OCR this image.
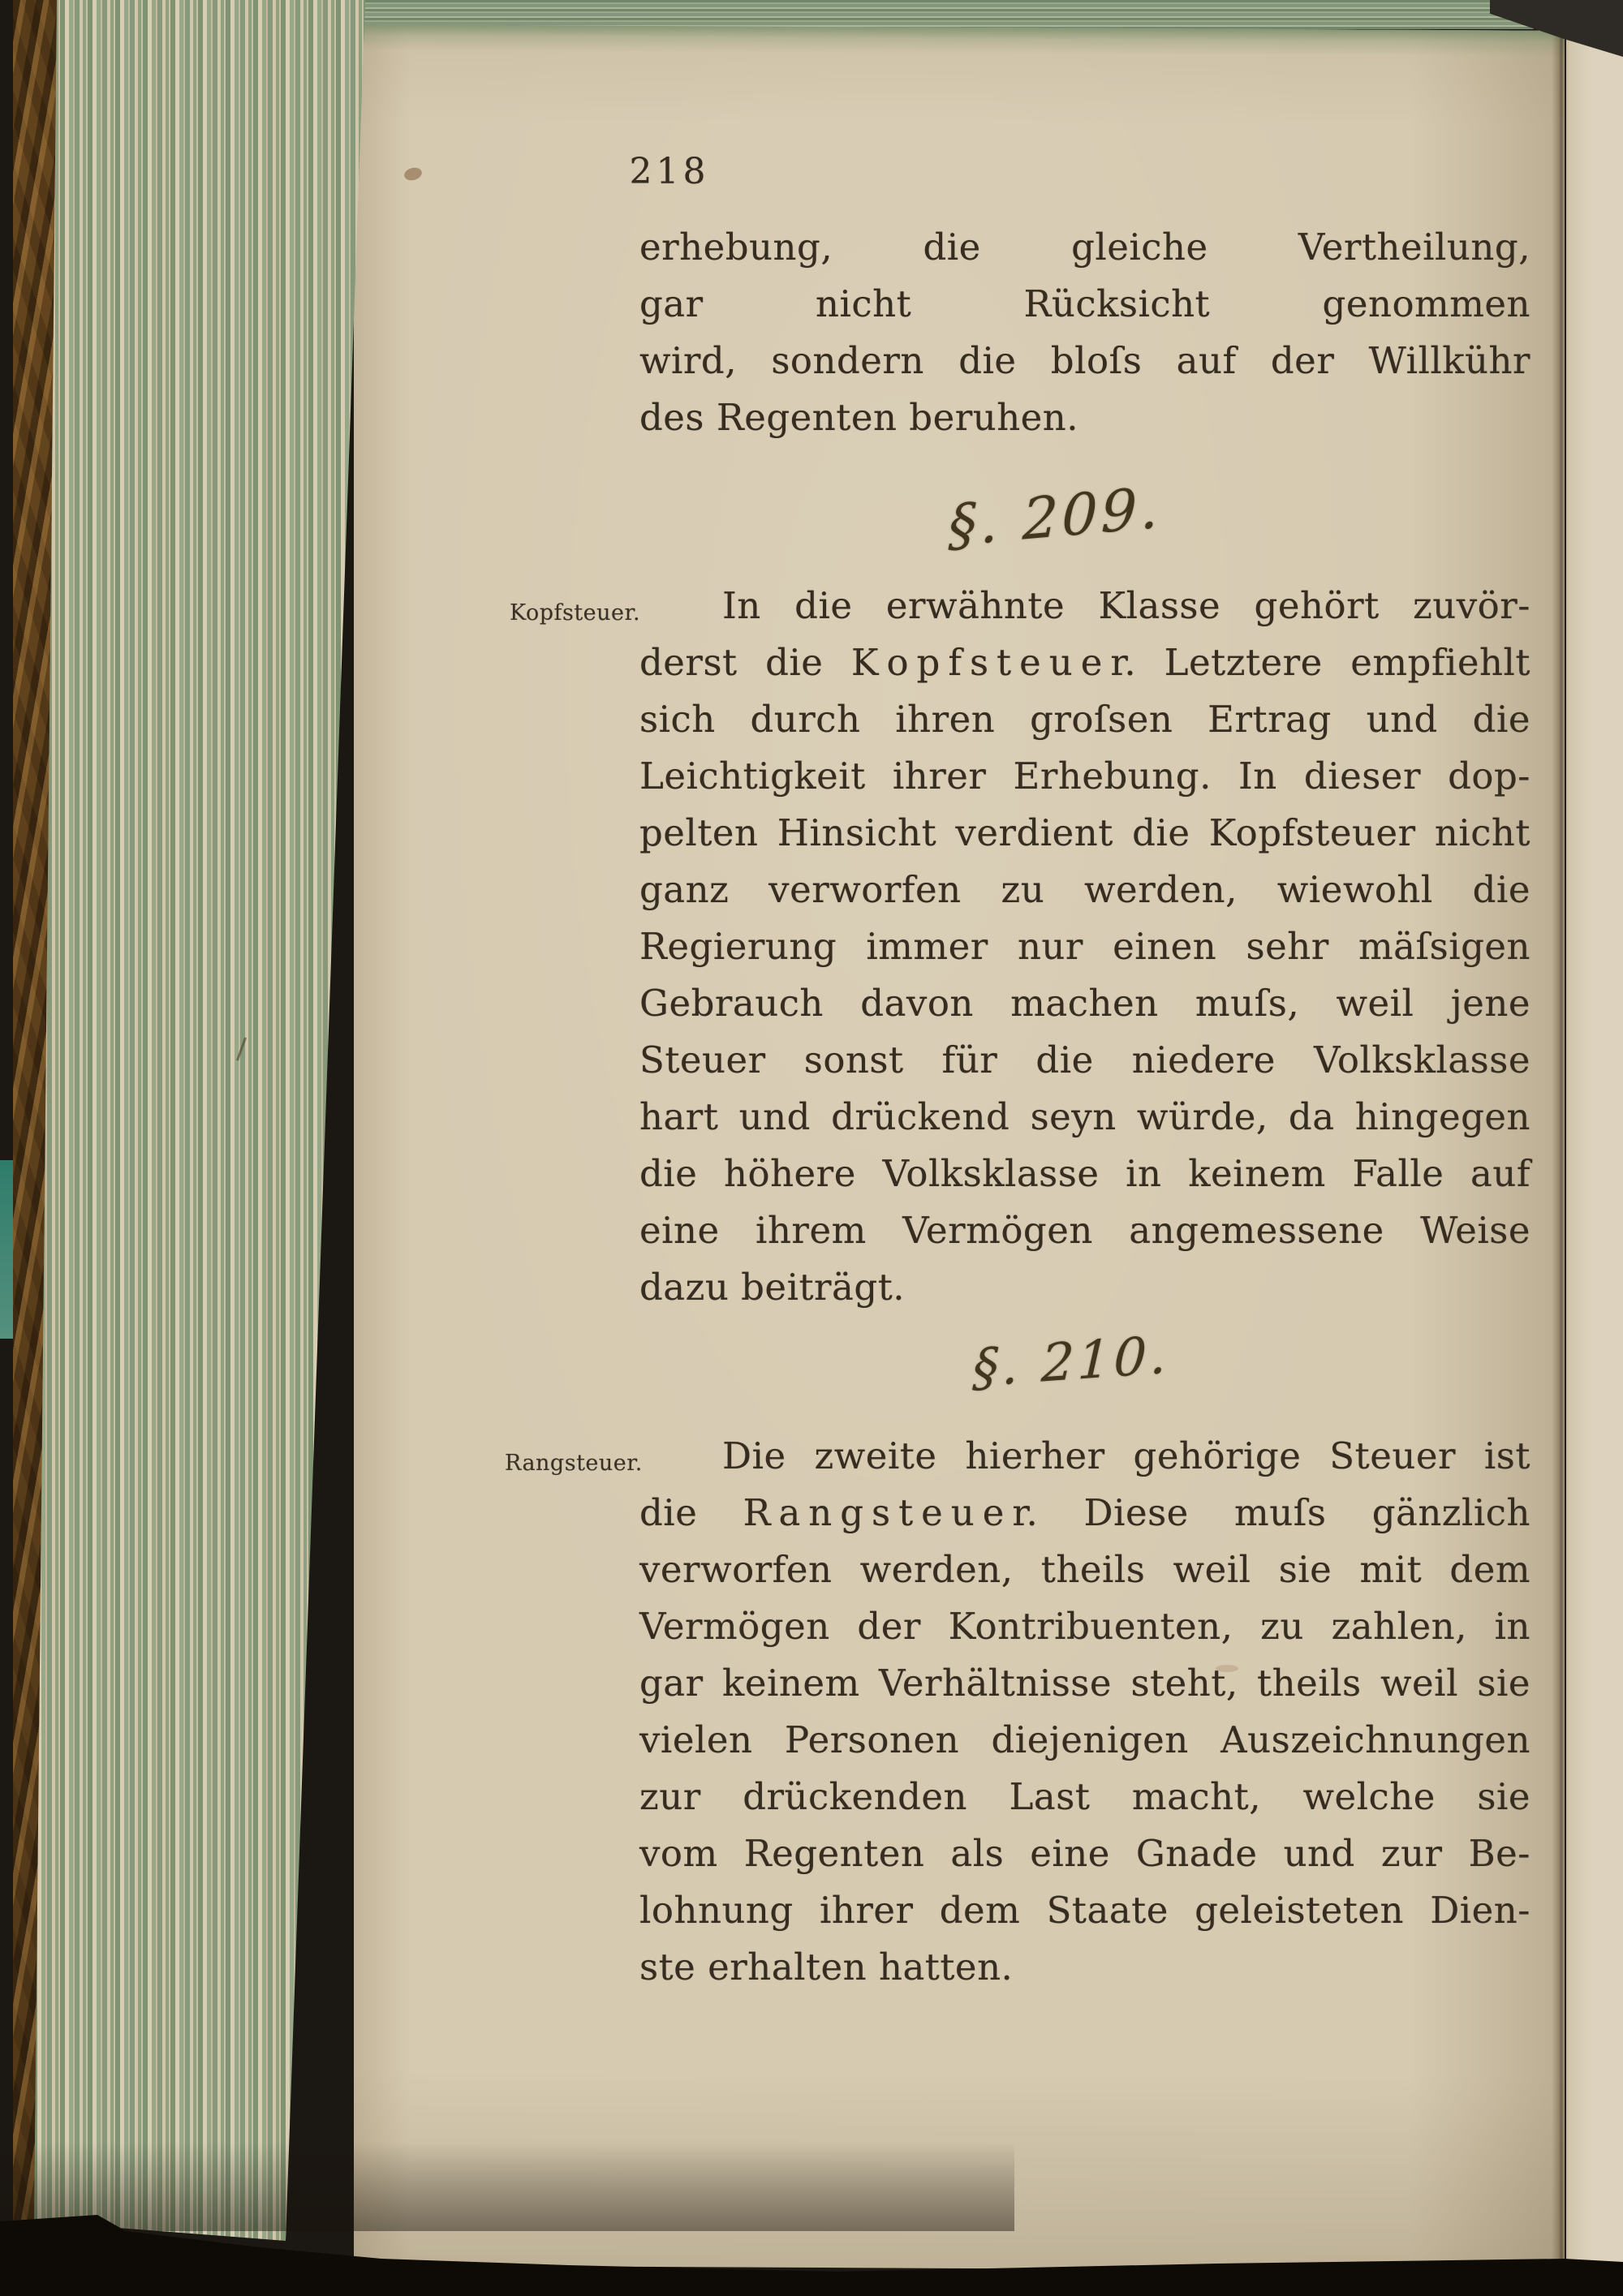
218
erhebung, die gleiche Vertheilung,
gar nicht Rücksicht genommen
wird, sondern die bloſs auf der Willkühr
des Regenten beruhen.
§. 209.
Kopfsteuer.	In die erwähnte Klasse gehört zuvör-
derst die K o p f s t e u e r. Letztere empfiehlt
sich durch ihren groſsen Ertrag und die
Leichtigkeit ihrer Erhebung. In dieser dop-
pelten Hinsicht verdient die Kopfsteuer nicht
ganz verworfen zu werden, wiewohl die
Regierung immer nur einen sehr mäſsigen
Gebrauch davon machen muſs, weil jene
Steuer sonst für die niedere Volksklasse
hart und drückend seyn würde, da hingegen
die höhere Volksklasse in keinem Falle auf
eine ihrem Vermögen angemessene Weise
dazu beiträgt.
§. 210.
Rangsteuer.	Die zweite hierher gehörige Steuer ist
die R a n g s t e u e r. Diese muſs gänzlich
verworfen werden, theils weil sie mit dem
Vermögen der Kontribuenten, zu zahlen, in
gar keinem Verhältnisse steht, theils weil sie
vielen Personen diejenigen Auszeichnungen
zur drückenden Last macht, welche sie
vom Regenten als eine Gnade und zur Be-
lohnung ihrer dem Staate geleisteten Dien-
ste erhalten hatten.
